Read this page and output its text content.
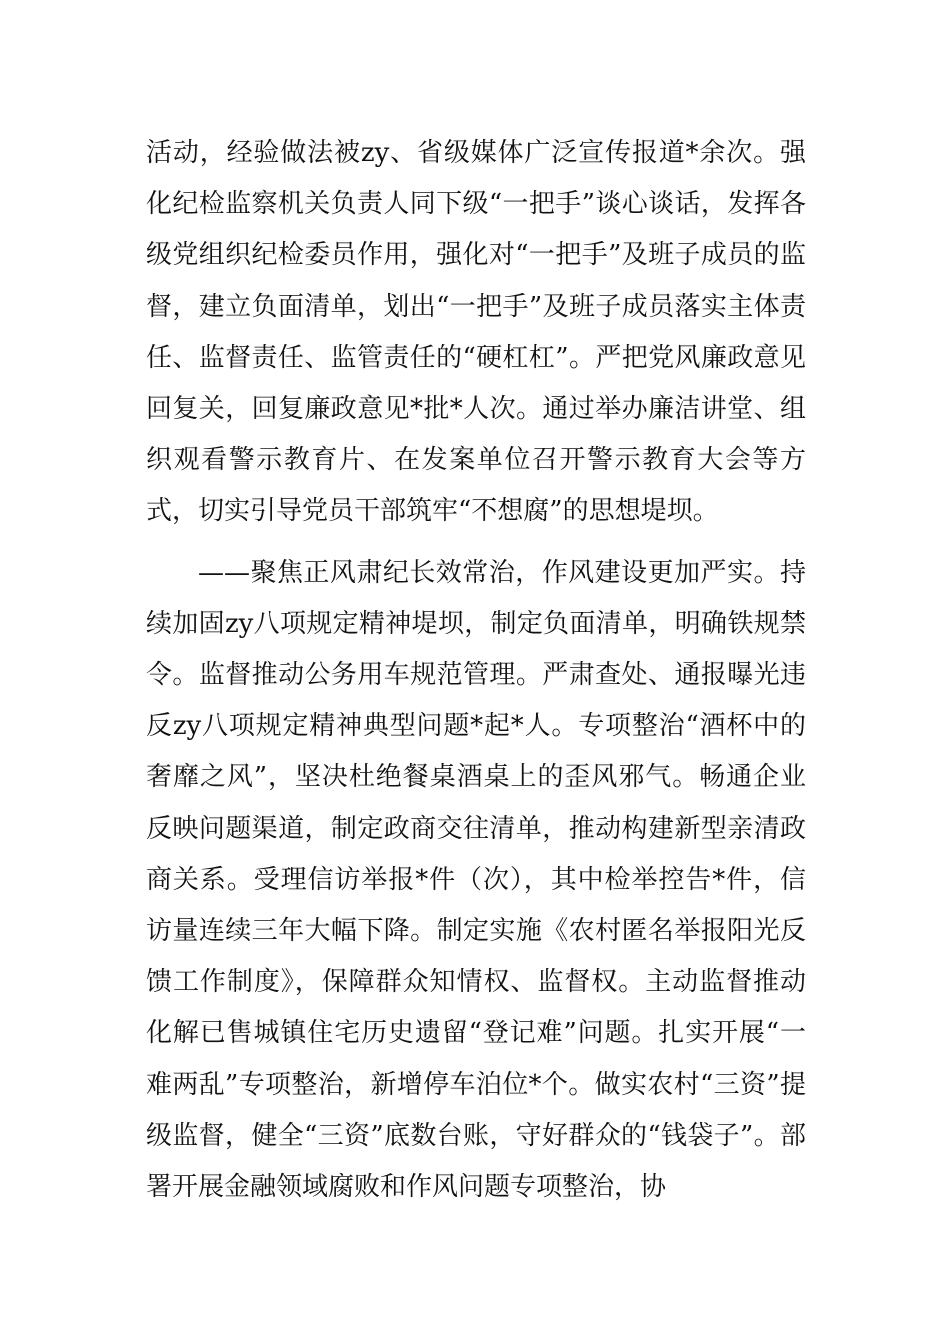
活动，经验做法被zy、省级媒体广泛宣传报道*余次。强化纪检监察机关负责人同下级“一把手”谈心谈话，发挥各级党组织纪检委员作用，强化对“一把手”及班子成员的监督，建立负面清单，划出“一把手”及班子成员落实主体责任、监督责任、监管责任的“硬杠杠”。严把党风廉政意见回复关，回复廉政意见*批*人次。通过举办廉洁讲堂、组织观看警示教育片、在发案单位召开警示教育大会等方式，切实引导党员干部筑牢“不想腐”的思想堤坝。

——聚焦正风肃纪长效常治，作风建设更加严实。持续加固zy八项规定精神堤坝，制定负面清单，明确铁规禁令。监督推动公务用车规范管理。严肃查处、通报曝光违反zy八项规定精神典型问题*起*人。专项整治“酒杯中的奢靡之风”，坚决杜绝餐桌酒桌上的歪风邪气。畅通企业反映问题渠道，制定政商交往清单，推动构建新型亲清政商关系。受理信访举报*件（次），其中检举控告*件，信访量连续三年大幅下降。制定实施《农村匿名举报阳光反馈工作制度》，保障群众知情权、监督权。主动监督推动化解已售城镇住宅历史遗留“登记难”问题。扎实开展“一难两乱”专项整治，新增停车泊位*个。做实农村“三资”提级监督，健全“三资”底数台账，守好群众的“钱袋子”。部署开展金融领域腐败和作风问题专项整治，协
